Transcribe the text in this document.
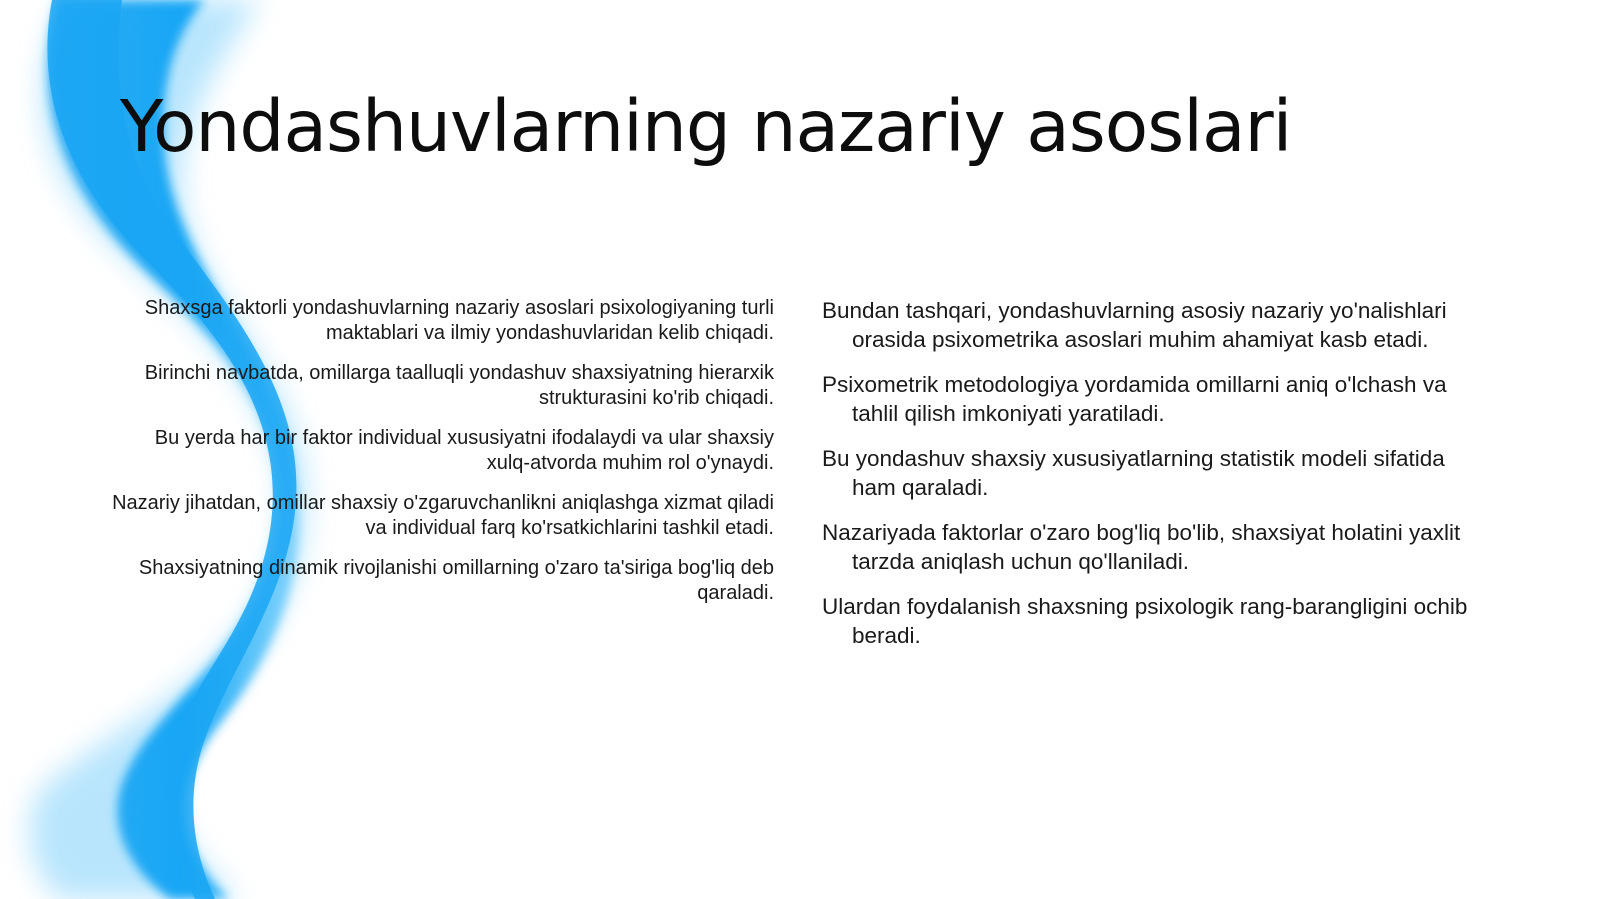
Yondashuvlarning nazariy asoslari

Shaxsga faktorli yondashuvlarning nazariy asoslari psixologiyaning turli maktablari va ilmiy yondashuvlaridan kelib chiqadi.

Birinchi navbatda, omillarga taalluqli yondashuv shaxsiyatning hierarxik strukturasini ko'rib chiqadi.

Bu yerda har bir faktor individual xususiyatni ifodalaydi va ular shaxsiy xulq-atvorda muhim rol o'ynaydi.

Nazariy jihatdan, omillar shaxsiy o'zgaruvchanlikni aniqlashga xizmat qiladi va individual farq ko'rsatkichlarini tashkil etadi.

Shaxsiyatning dinamik rivojlanishi omillarning o'zaro ta'siriga bog'liq deb qaraladi.

Bundan tashqari, yondashuvlarning asosiy nazariy yo'nalishlari orasida psixometrika asoslari muhim ahamiyat kasb etadi.

Psixometrik metodologiya yordamida omillarni aniq o'lchash va tahlil qilish imkoniyati yaratiladi.

Bu yondashuv shaxsiy xususiyatlarning statistik modeli sifatida ham qaraladi.

Nazariyada faktorlar o'zaro bog'liq bo'lib, shaxsiyat holatini yaxlit tarzda aniqlash uchun qo'llaniladi.

Ulardan foydalanish shaxsning psixologik rang-barangligini ochib beradi.
